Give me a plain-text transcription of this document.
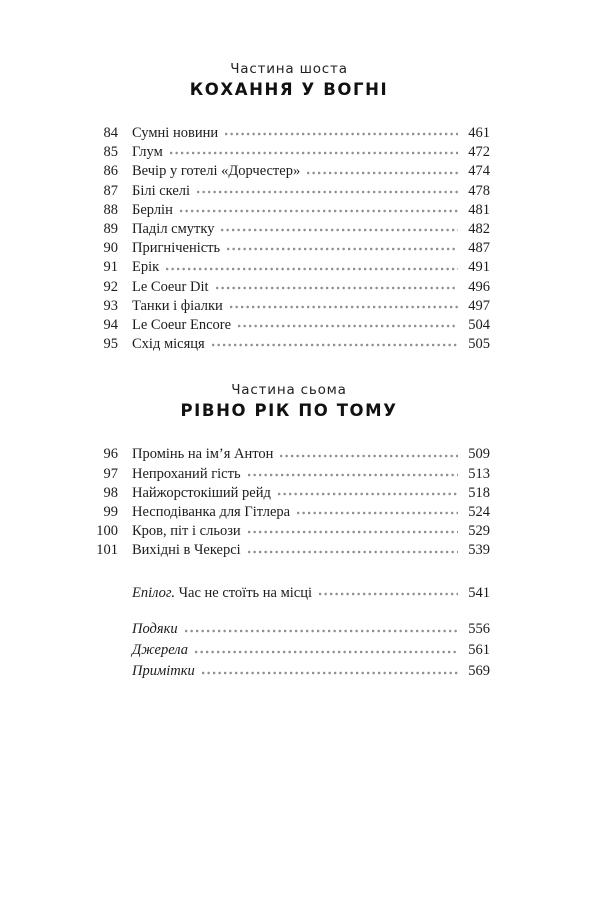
Частина шоста
КОХАННЯ У ВОГНІ
84 Сумні новини	461
85 Глум	472
86 Вечір у готелі «Дорчестер»	474
87 Білі скелі	478
88 Берлін	481
89 Паділ смутку	482
90 Пригніченість	487
91 Ерік	491
92 Le Coeur Dit	496
93 Танки і фіалки	497
94 Le Coeur Encore	504
95 Схід місяця	505
Частина сьома
РІВНО РІК ПО ТОМУ
96 Промінь на ім’я Антон	509
97 Непроханий гість	513
98 Найжорстокіший рейд	518
99 Несподіванка для Гітлера	524
100 Кров, піт і сльози	529
101 Вихідні в Чекерсі	539
Епілог. Час не стоїть на місці	541
Подяки	556
Джерела	561
Примітки	569
